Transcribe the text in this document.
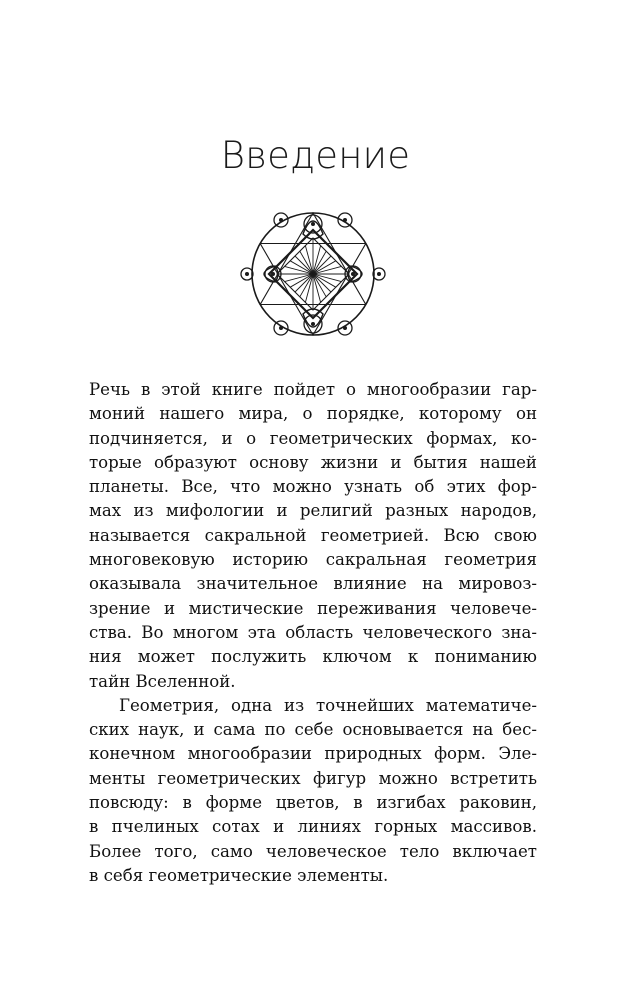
Введение
Речь в этой книге пойдет о многообразии гар-
моний нашего мира, о порядке, которому он
подчиняется, и о геометрических формах, ко-
торые образуют основу жизни и бытия нашей
планеты. Все, что можно узнать об этих фор-
мах из мифологии и религий разных народов,
называется сакральной геометрией. Всю свою
многовековую историю сакральная геометрия
оказывала значительное влияние на мировоз-
зрение и мистические переживания человече-
ства. Во многом эта область человеческого зна-
ния может послужить ключом к пониманию
тайн Вселенной.
Геометрия, одна из точнейших математиче-
ских наук, и сама по себе основывается на бес-
конечном многообразии природных форм. Эле-
менты геометрических фигур можно встретить
повсюду: в форме цветов, в изгибах раковин,
в пчелиных сотах и линиях горных массивов.
Более того, само человеческое тело включает
в себя геометрические элементы.
